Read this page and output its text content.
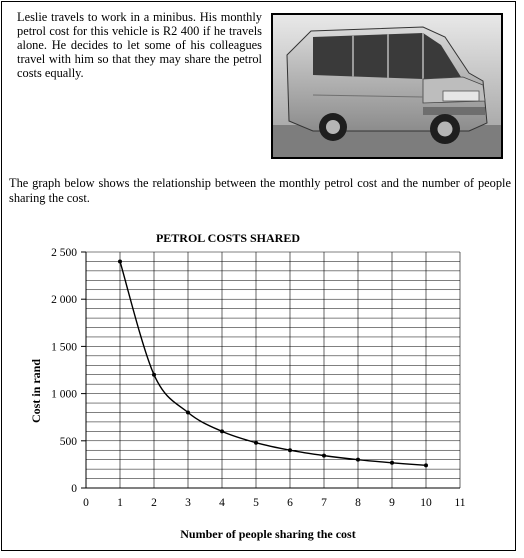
Leslie travels to work in a minibus. His monthly petrol cost for this vehicle is R2 400 if he travels alone. He decides to let some of his colleagues travel with him so that they may share the petrol costs equally.
The graph below shows the relationship between the monthly petrol cost and the number of people sharing the cost.
PETROL COSTS SHARED
0
500
1 000
1 500
2 000
2 500
0 1 2 3 4 5 6 7 8 9 10 11
Cost in rand
Number of people sharing the cost
